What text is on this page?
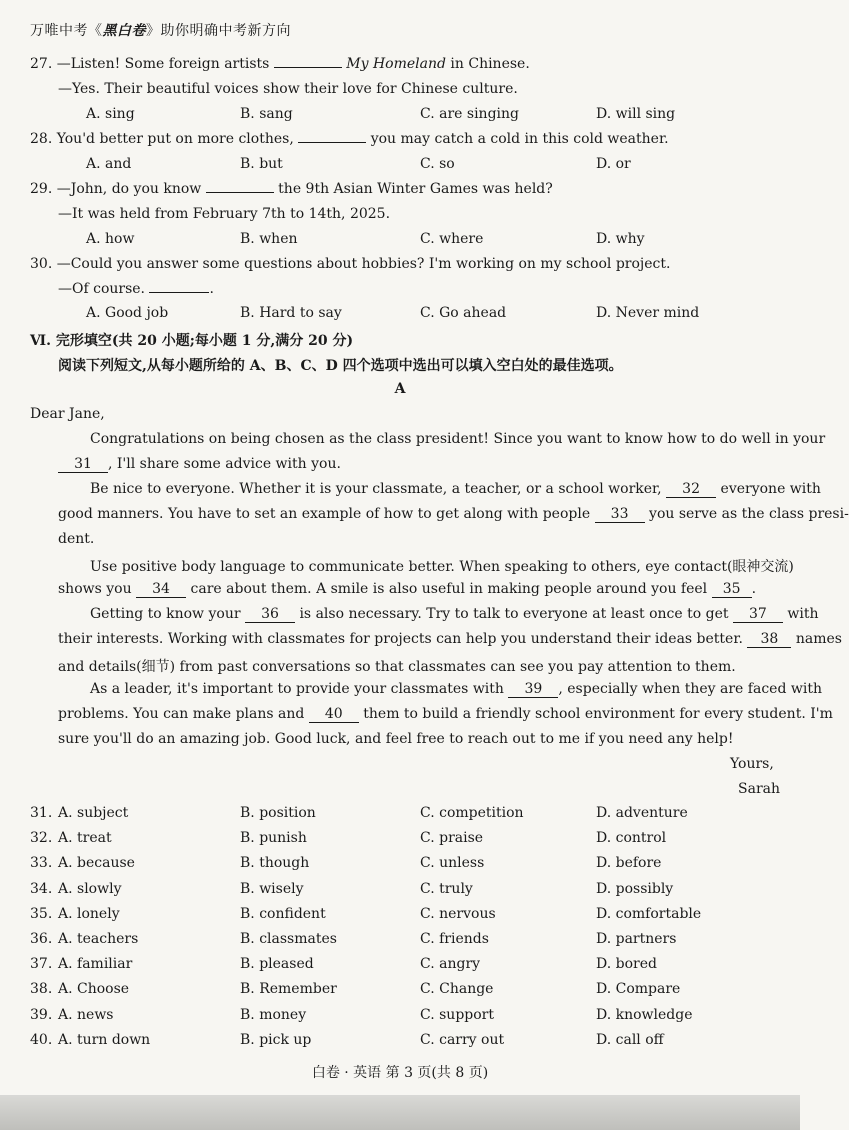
万唯中考《黑白卷》助你明确中考新方向
27. —Listen! Some foreign artists	My Homeland in Chinese.
—Yes. Their beautiful voices show their love for Chinese culture.
A. sing	B. sang	C. are singing	D. will sing
28. You'd better put on more clothes,	you may catch a cold in this cold weather.
A. and	B. but	C. so	D. or
29. —John, do you know	the 9th Asian Winter Games was held?
—It was held from February 7th to 14th, 2025.
A. how	B. when	C. where	D. why
30. —Could you answer some questions about hobbies? I'm working on my school project.
—Of course.	.
A. Good job	B. Hard to say	C. Go ahead	D. Never mind
Ⅵ. 完形填空(共 20 小题;每小题 1 分,满分 20 分)
阅读下列短文,从每小题所给的 A、B、C、D 四个选项中选出可以填入空白处的最佳选项。
A
Dear Jane,
Congratulations on being chosen as the class president! Since you want to know how to do well in your
31 , I'll share some advice with you.
Be nice to everyone. Whether it is your classmate, a teacher, or a school worker, 32 everyone with
good manners. You have to set an example of how to get along with people 33 you serve as the class presi-
dent.
Use positive body language to communicate better. When speaking to others, eye contact(眼神交流)
shows you 34 care about them. A smile is also useful in making people around you feel 35 .
Getting to know your 36 is also necessary. Try to talk to everyone at least once to get 37 with
their interests. Working with classmates for projects can help you understand their ideas better. 38 names
and details(细节) from past conversations so that classmates can see you pay attention to them.
As a leader, it's important to provide your classmates with 39 , especially when they are faced with
problems. You can make plans and 40 them to build a friendly school environment for every student. I'm
sure you'll do an amazing job. Good luck, and feel free to reach out to me if you need any help!
Yours,
Sarah
31. A. subject	B. position	C. competition	D. adventure
32. A. treat	B. punish	C. praise	D. control
33. A. because	B. though	C. unless	D. before
34. A. slowly	B. wisely	C. truly	D. possibly
35. A. lonely	B. confident	C. nervous	D. comfortable
36. A. teachers	B. classmates	C. friends	D. partners
37. A. familiar	B. pleased	C. angry	D. bored
38. A. Choose	B. Remember	C. Change	D. Compare
39. A. news	B. money	C. support	D. knowledge
40. A. turn down	B. pick up	C. carry out	D. call off
白卷 · 英语 第 3 页(共 8 页)
